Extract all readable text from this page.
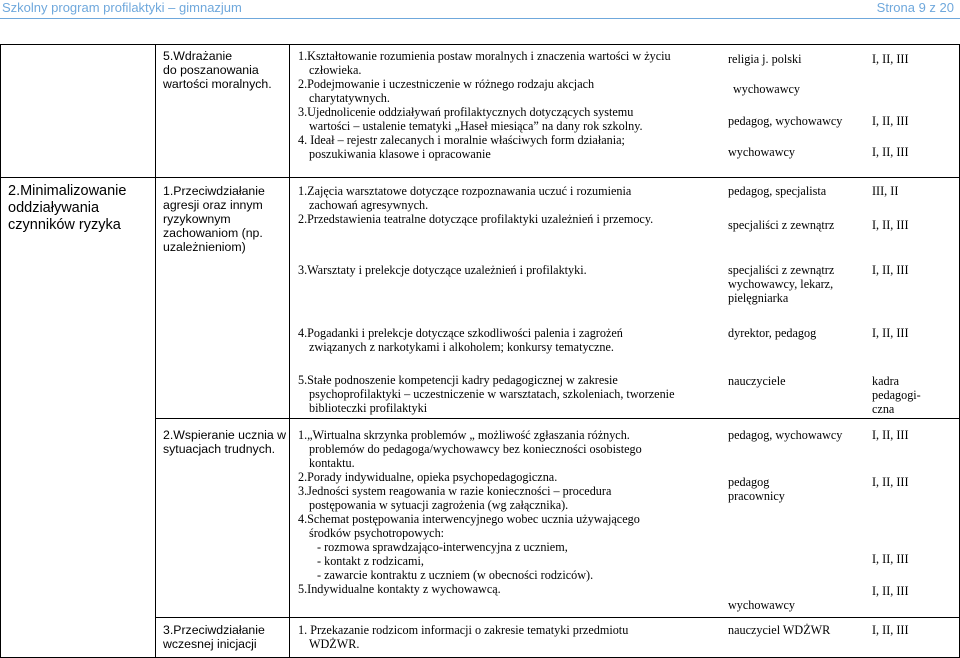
Szkolny program profilaktyki – gimnazjum	Strona 9 z 20

5.Wdrażanie

do poszanowania

wartości moralnych.

1.Kształtowanie rozumienia postaw moralnych i znaczenia wartości w życiu

człowieka.

2.Podejmowanie i uczestniczenie w różnego rodzaju akcjach

charytatywnych.

3.Ujednolicenie oddziaływań profilaktycznych dotyczących systemu

wartości – ustalenie tematyki „Haseł miesiąca” na dany rok szkolny.

4. Ideał – rejestr zalecanych i moralnie właściwych form działania;

poszukiwania klasowe i opracowanie

religia j. polski

wychowawcy

pedagog, wychowawcy

wychowawcy

I, II, III

I, II, III

I, II, III

2.Minimalizowanie

oddziaływania

czynników ryzyka

1.Przeciwdziałanie

agresji oraz innym

ryzykownym

zachowaniom (np.

uzależnieniom)

1.Zajęcia warsztatowe dotyczące rozpoznawania uczuć i rozumienia

zachowań agresywnych.

2.Przedstawienia teatralne dotyczące profilaktyki uzależnień i przemocy.

3.Warsztaty i prelekcje dotyczące uzależnień i profilaktyki.

4.Pogadanki i prelekcje dotyczące szkodliwości palenia i zagrożeń

związanych z narkotykami i alkoholem; konkursy tematyczne.

5.Stałe podnoszenie kompetencji kadry pedagogicznej w zakresie

psychoprofilaktyki – uczestniczenie w warsztatach, szkoleniach, tworzenie

biblioteczki profilaktyki

pedagog, specjalista

specjaliści z zewnątrz

specjaliści z zewnątrz

wychowawcy, lekarz,

pielęgniarka

dyrektor, pedagog

nauczyciele

III, II

I, II, III

I, II, III

I, II, III

kadra

pedagogi-

czna

2.Wspieranie ucznia w

sytuacjach trudnych.

1.„Wirtualna skrzynka problemów „ możliwość zgłaszania różnych.

problemów do pedagoga/wychowawcy bez konieczności osobistego

kontaktu.

2.Porady indywidualne, opieka psychopedagogiczna.

3.Jedności system reagowania w razie konieczności – procedura

postępowania w sytuacji zagrożenia (wg załącznika).

4.Schemat postępowania interwencyjnego wobec ucznia używającego

środków psychotropowych:

- rozmowa sprawdzająco-interwencyjna z uczniem,

- kontakt z rodzicami,

- zawarcie kontraktu z uczniem (w obecności rodziców).

5.Indywidualne kontakty z wychowawcą.

pedagog, wychowawcy

pedagog

pracownicy

wychowawcy

I, II, III

I, II, III

I, II, III

I, II, III

3.Przeciwdziałanie

wczesnej inicjacji

1. Przekazanie rodzicom informacji o zakresie tematyki przedmiotu

WDŻWR.

nauczyciel WDŻWR	I, II, III
